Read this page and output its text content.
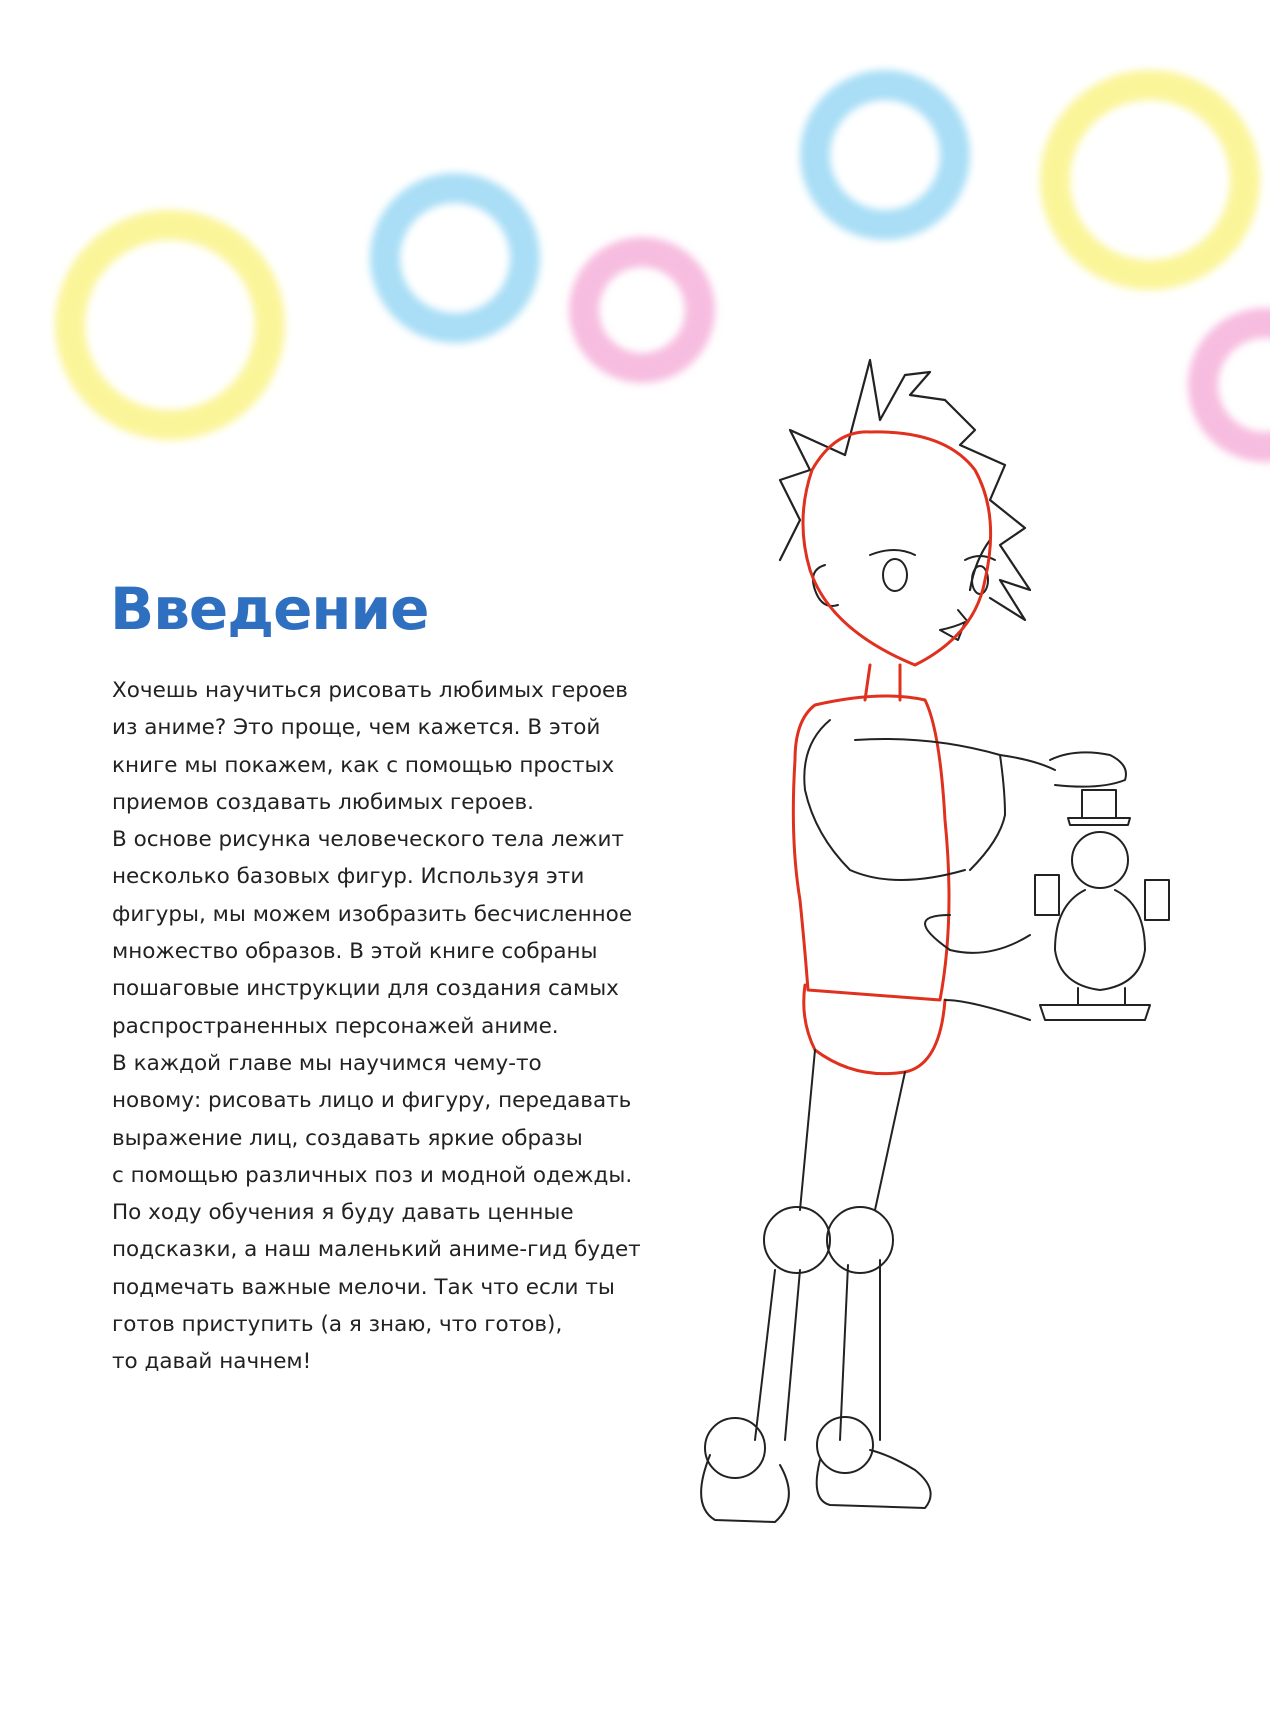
Введение
Хочешь научиться рисовать любимых героев
из аниме? Это проще, чем кажется. В этой
книге мы покажем, как с помощью простых
приемов создавать любимых героев.
В основе рисунка человеческого тела лежит
несколько базовых фигур. Используя эти
фигуры, мы можем изобразить бесчисленное
множество образов. В этой книге собраны
пошаговые инструкции для создания самых
распространенных персонажей аниме.
В каждой главе мы научимся чему-то
новому: рисовать лицо и фигуру, передавать
выражение лиц, создавать яркие образы
с помощью различных поз и модной одежды.
По ходу обучения я буду давать ценные
подсказки, а наш маленький аниме-гид будет
подмечать важные мелочи. Так что если ты
готов приступить (а я знаю, что готов),
то давай начнем!
